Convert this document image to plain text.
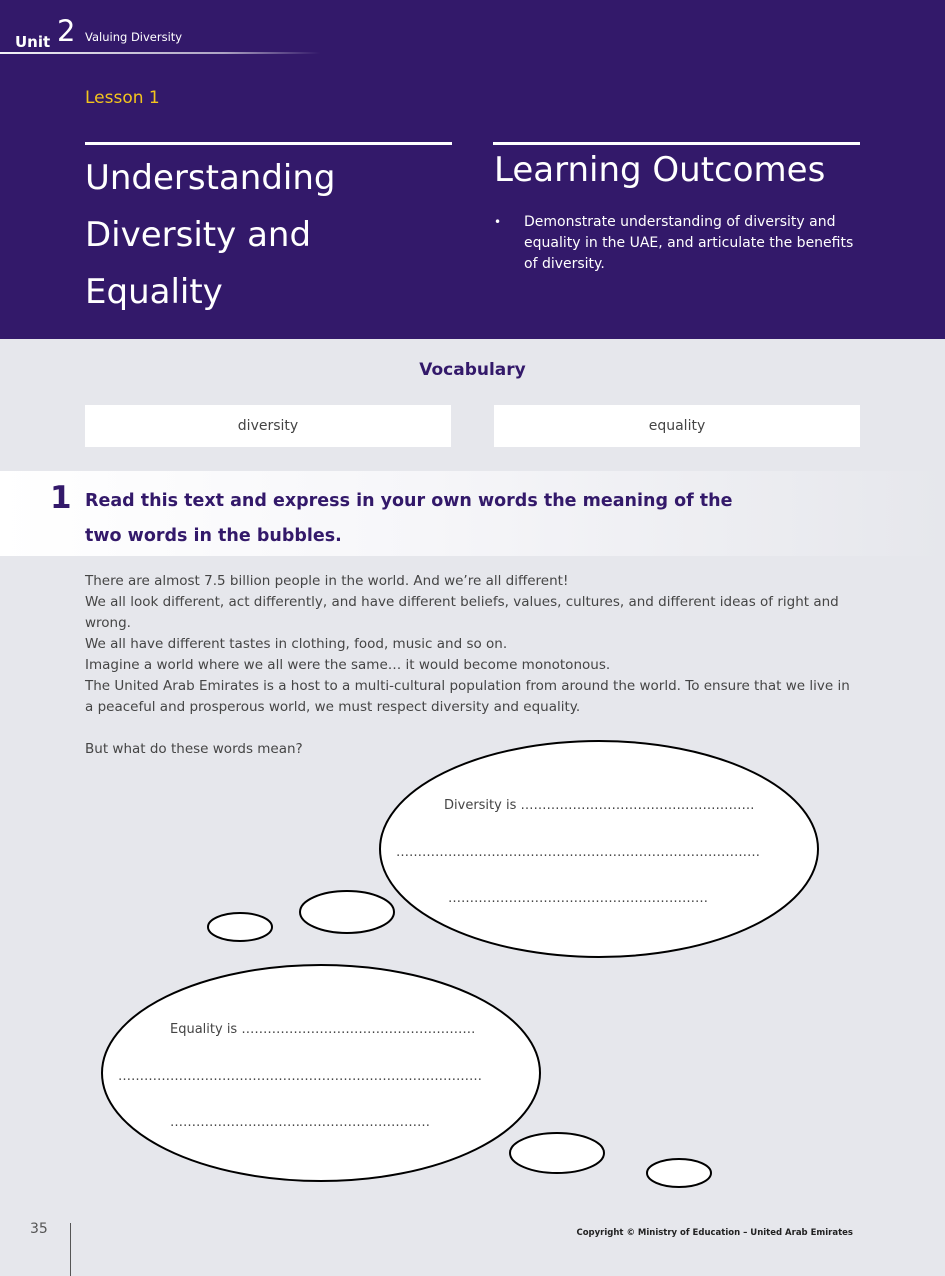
Unit 2 Valuing Diversity
Lesson 1
Understanding
Diversity and
Equality
Learning Outcomes
• Demonstrate understanding of diversity and equality in the UAE, and articulate the benefits of diversity.
Vocabulary
diversity	equality
1 Read this text and express in your own words the meaning of the two words in the bubbles.

There are almost 7.5 billion people in the world. And we’re all different!

We all look different, act differently, and have different beliefs, values, cultures, and different ideas of right and wrong.

We all have different tastes in clothing, food, music and so on.

Imagine a world where we all were the same… it would become monotonous.

The United Arab Emirates is a host to a multi-cultural population from around the world. To ensure that we live in a peaceful and prosperous world, we must respect diversity and equality.

But what do these words mean?

Diversity is ………………………………………………
…………………………………………………………………………
……………………………………………………
Equality is ………………………………………………
…………………………………………………………………………
……………………………………………………
35	Copyright © Ministry of Education – United Arab Emirates
